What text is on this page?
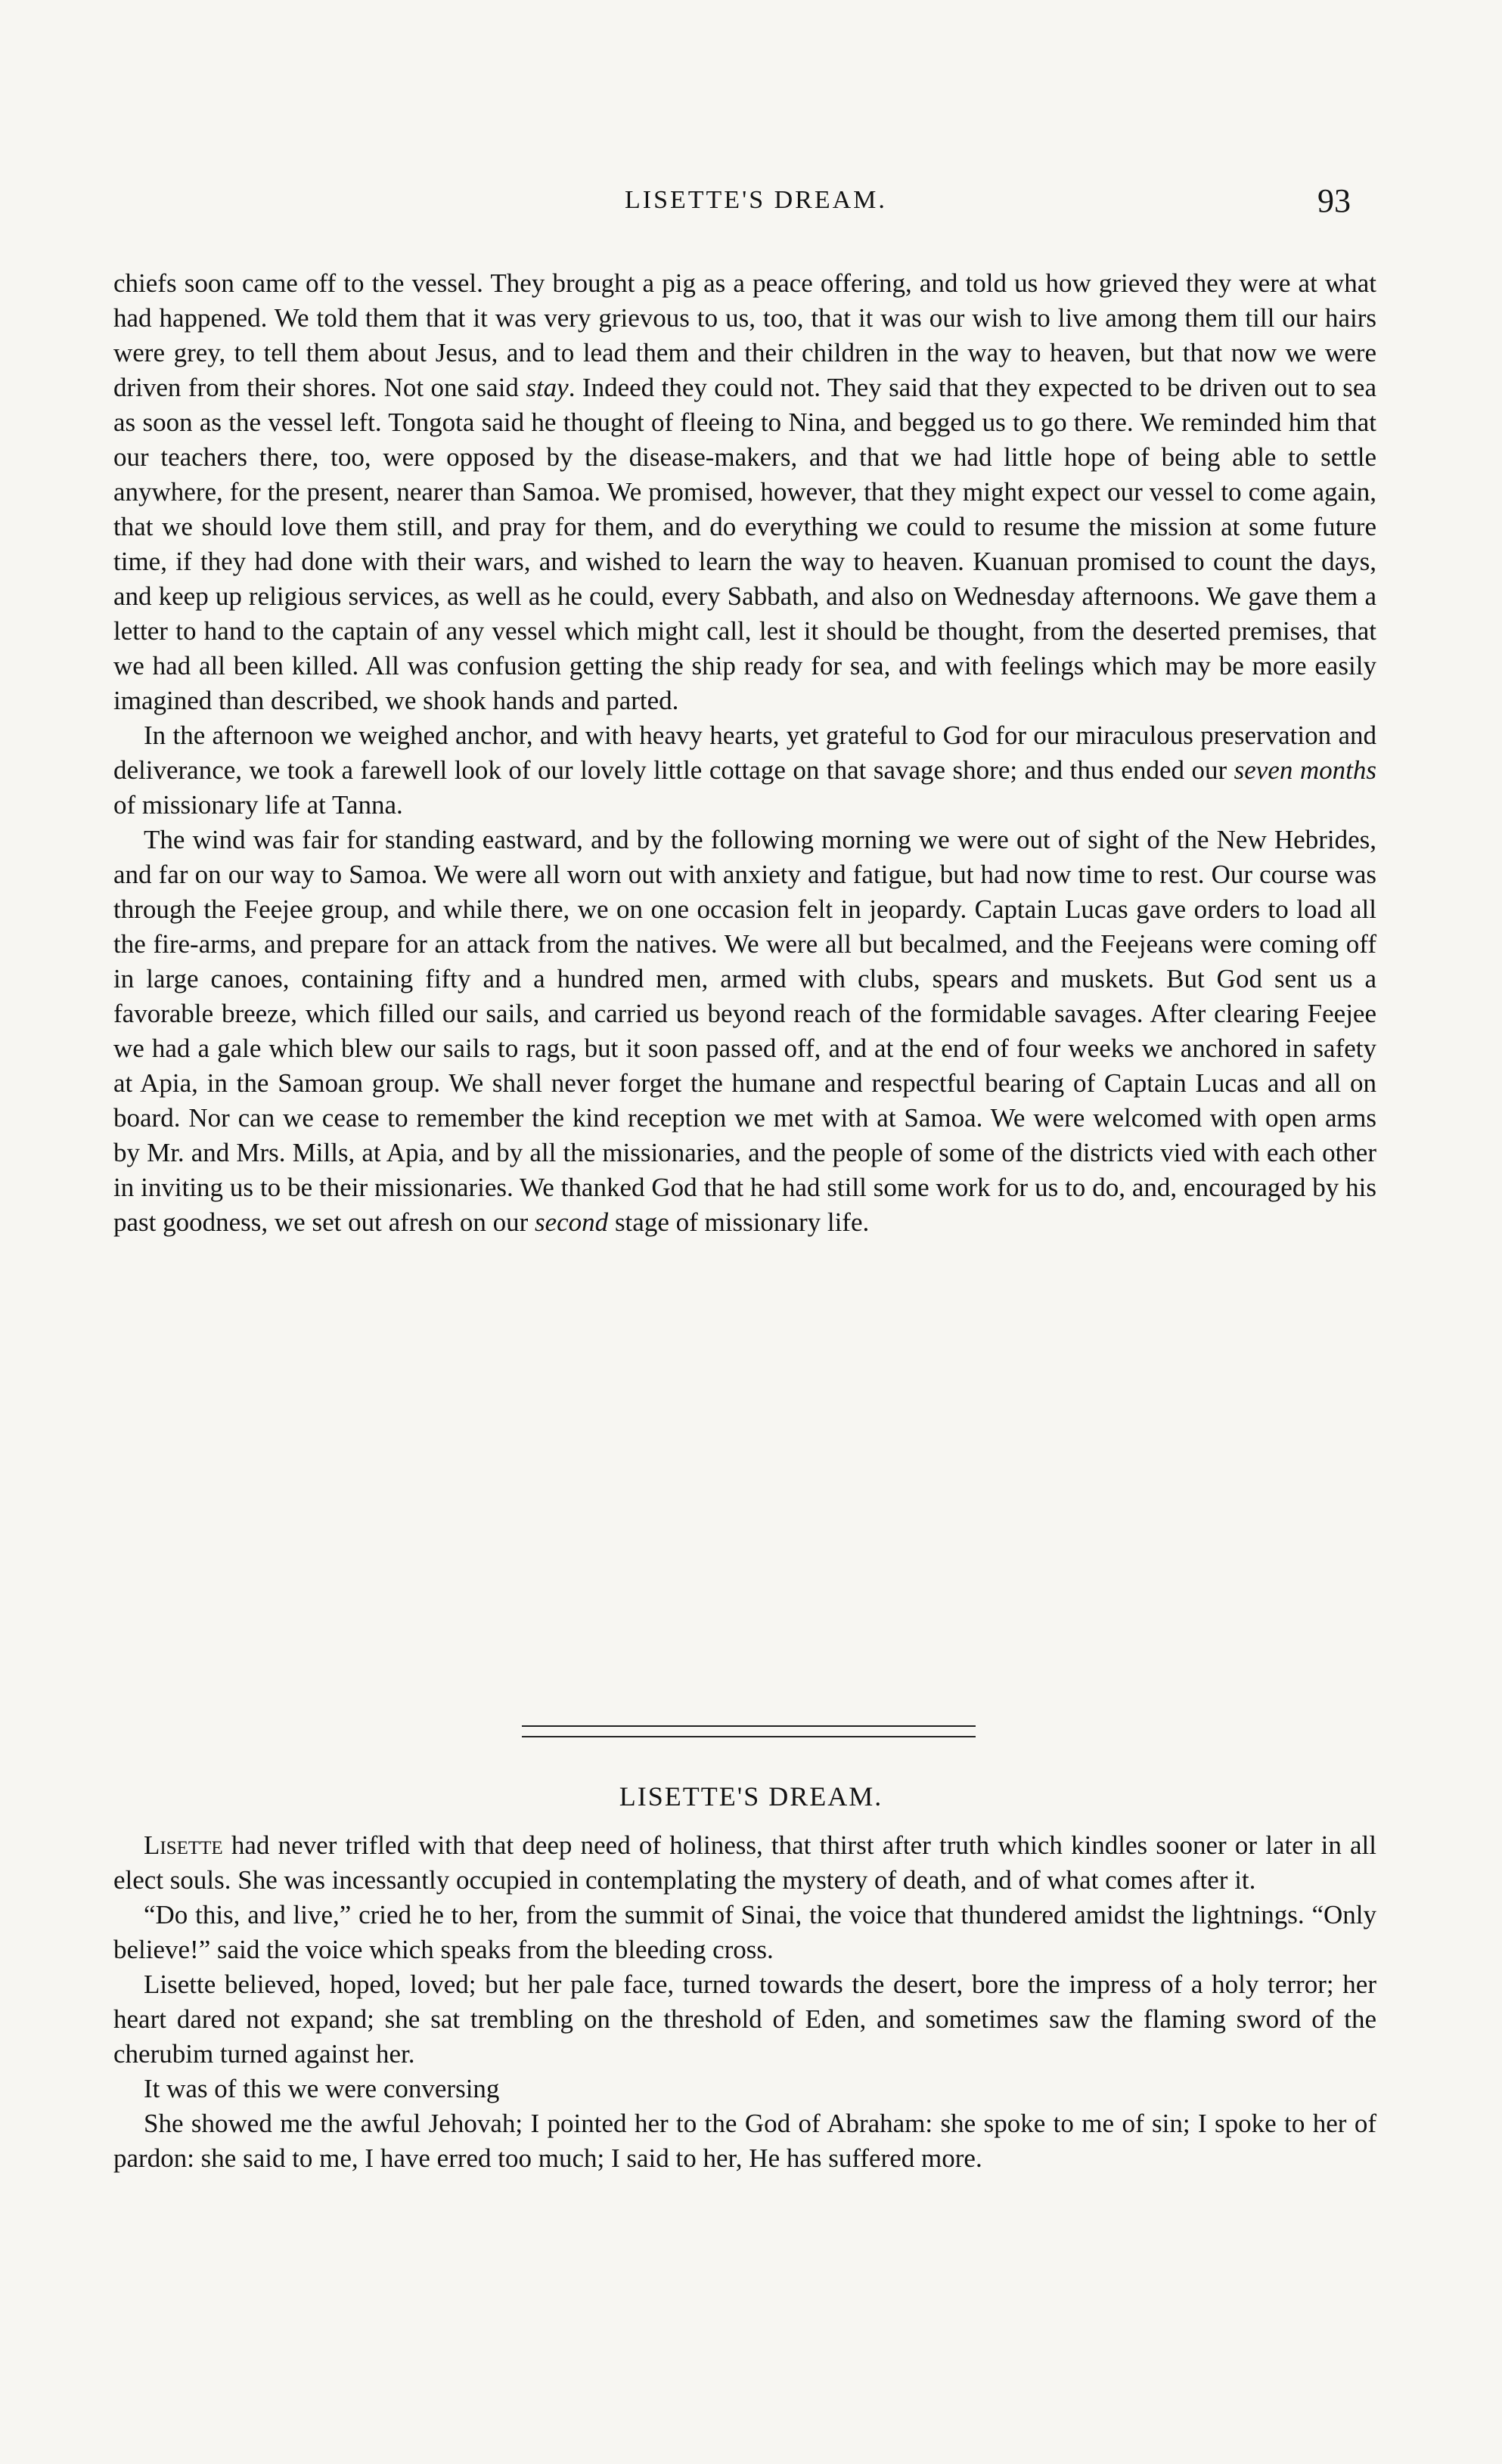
LISETTE'S DREAM.	93

chiefs soon came off to the vessel. They brought a pig as a peace offering, and told us how grieved they were at what had happened. We told them that it was very grievous to us, too, that it was our wish to live among them till our hairs were grey, to tell them about Jesus, and to lead them and their children in the way to heaven, but that now we were driven from their shores. Not one said stay. Indeed they could not. They said that they expected to be driven out to sea as soon as the vessel left. Tongota said he thought of fleeing to Nina, and begged us to go there. We reminded him that our teachers there, too, were opposed by the disease-makers, and that we had little hope of being able to settle anywhere, for the present, nearer than Samoa. We promised, however, that they might expect our vessel to come again, that we should love them still, and pray for them, and do everything we could to resume the mission at some future time, if they had done with their wars, and wished to learn the way to heaven. Kuanuan promised to count the days, and keep up religious services, as well as he could, every Sabbath, and also on Wednesday afternoons. We gave them a letter to hand to the captain of any vessel which might call, lest it should be thought, from the deserted premises, that we had all been killed. All was confusion getting the ship ready for sea, and with feelings which may be more easily imagined than described, we shook hands and parted.

In the afternoon we weighed anchor, and with heavy hearts, yet grateful to God for our miraculous preservation and deliverance, we took a farewell look of our lovely little cottage on that savage shore; and thus ended our seven months of missionary life at Tanna.

The wind was fair for standing eastward, and by the following morning we were out of sight of the New Hebrides, and far on our way to Samoa. We were all worn out with anxiety and fatigue, but had now time to rest. Our course was through the Feejee group, and while there, we on one occasion felt in jeopardy. Captain Lucas gave orders to load all the fire-arms, and prepare for an attack from the natives. We were all but becalmed, and the Feejeans were coming off in large canoes, containing fifty and a hundred men, armed with clubs, spears and muskets. But God sent us a favorable breeze, which filled our sails, and carried us beyond reach of the formidable savages. After clearing Feejee we had a gale which blew our sails to rags, but it soon passed off, and at the end of four weeks we anchored in safety at Apia, in the Samoan group. We shall never forget the humane and respectful bearing of Captain Lucas and all on board. Nor can we cease to remember the kind reception we met with at Samoa. We were welcomed with open arms by Mr. and Mrs. Mills, at Apia, and by all the missionaries, and the people of some of the districts vied with each other in inviting us to be their missionaries. We thanked God that he had still some work for us to do, and, encouraged by his past goodness, we set out afresh on our second stage of missionary life.

LISETTE'S DREAM.

Lisette had never trifled with that deep need of holiness, that thirst after truth which kindles sooner or later in all elect souls. She was incessantly occupied in contemplating the mystery of death, and of what comes after it.

“Do this, and live,” cried he to her, from the summit of Sinai, the voice that thundered amidst the lightnings. “Only believe!” said the voice which speaks from the bleeding cross.

Lisette believed, hoped, loved; but her pale face, turned towards the desert, bore the impress of a holy terror; her heart dared not expand; she sat trembling on the threshold of Eden, and sometimes saw the flaming sword of the cherubim turned against her.

It was of this we were conversing

She showed me the awful Jehovah; I pointed her to the God of Abraham: she spoke to me of sin; I spoke to her of pardon: she said to me, I have erred too much; I said to her, He has suffered more.
